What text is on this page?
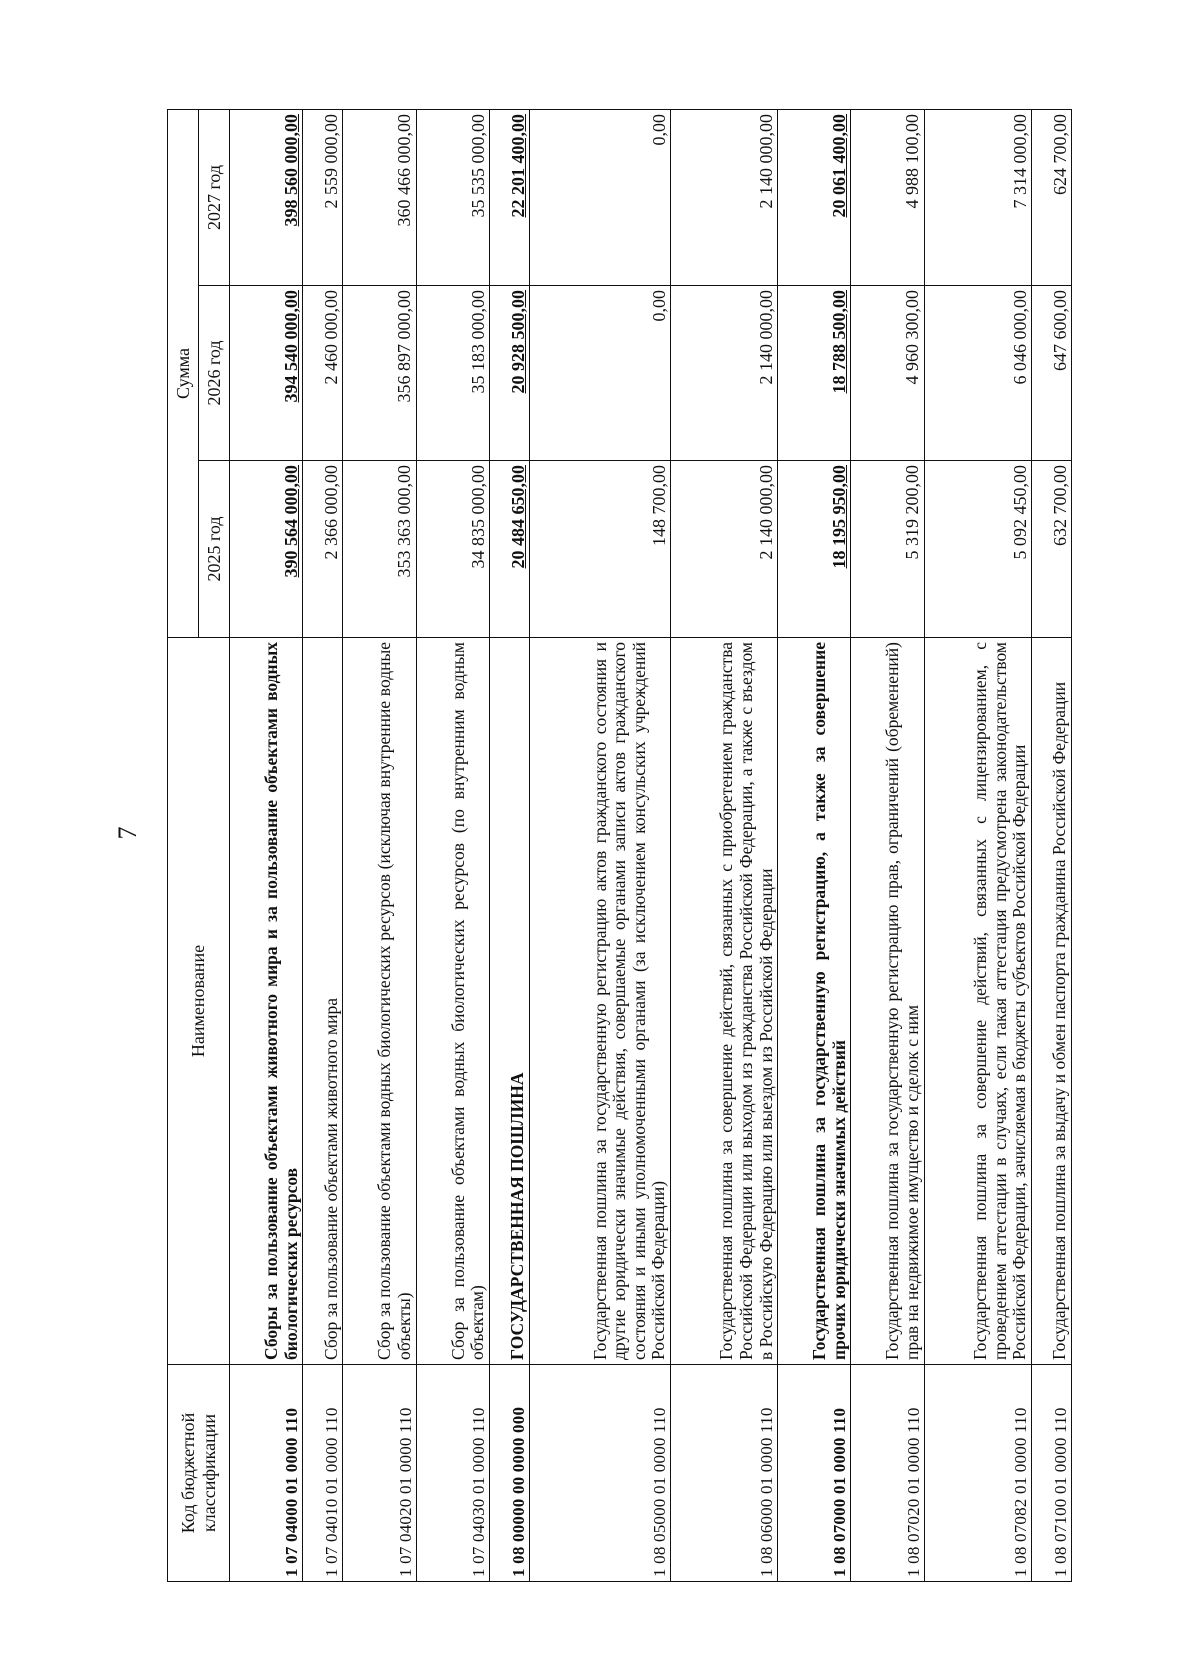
7
Код бюджетной классификации	Наименование	Сумма		
		2025 год	2026 год	2027 год
1 07 04000 01 0000 110	Сборы за пользование объектами животного мира и за пользование объектами водных биологических ресурсов	390 564 000,00	394 540 000,00	398 560 000,00
1 07 04010 01 0000 110	Сбор за пользование объектами животного мира	2 366 000,00	2 460 000,00	2 559 000,00
1 07 04020 01 0000 110	Сбор за пользование объектами водных биологических ресурсов (исключая внутренние водные объекты)	353 363 000,00	356 897 000,00	360 466 000,00
1 07 04030 01 0000 110	Сбор за пользование объектами водных биологических ресурсов (по внутренним водным объектам)	34 835 000,00	35 183 000,00	35 535 000,00
1 08 00000 00 0000 000	ГОСУДАРСТВЕННАЯ ПОШЛИНА	20 484 650,00	20 928 500,00	22 201 400,00
1 08 05000 01 0000 110	Государственная пошлина за государственную регистрацию актов гражданского состояния и другие юридически значимые действия, совершаемые органами записи актов гражданского состояния и иными уполномоченными органами (за исключением консульских учреждений Российской Федерации)	148 700,00	0,00	0,00
1 08 06000 01 0000 110	Государственная пошлина за совершение действий, связанных с приобретением гражданства Российской Федерации или выходом из гражданства Российской Федерации, а также с въездом в Российскую Федерацию или выездом из Российской Федерации	2 140 000,00	2 140 000,00	2 140 000,00
1 08 07000 01 0000 110	Государственная пошлина за государственную регистрацию, а также за совершение прочих юридически значимых действий	18 195 950,00	18 788 500,00	20 061 400,00
1 08 07020 01 0000 110	Государственная пошлина за государственную регистрацию прав, ограничений (обременений) прав на недвижимое имущество и сделок с ним	5 319 200,00	4 960 300,00	4 988 100,00
1 08 07082 01 0000 110	Государственная пошлина за совершение действий, связанных с лицензированием, с проведением аттестации в случаях, если такая аттестация предусмотрена законодательством Российской Федерации, зачисляемая в бюджеты субъектов Российской Федерации	5 092 450,00	6 046 000,00	7 314 000,00
1 08 07100 01 0000 110	Государственная пошлина за выдачу и обмен паспорта гражданина Российской Федерации	632 700,00	647 600,00	624 700,00
